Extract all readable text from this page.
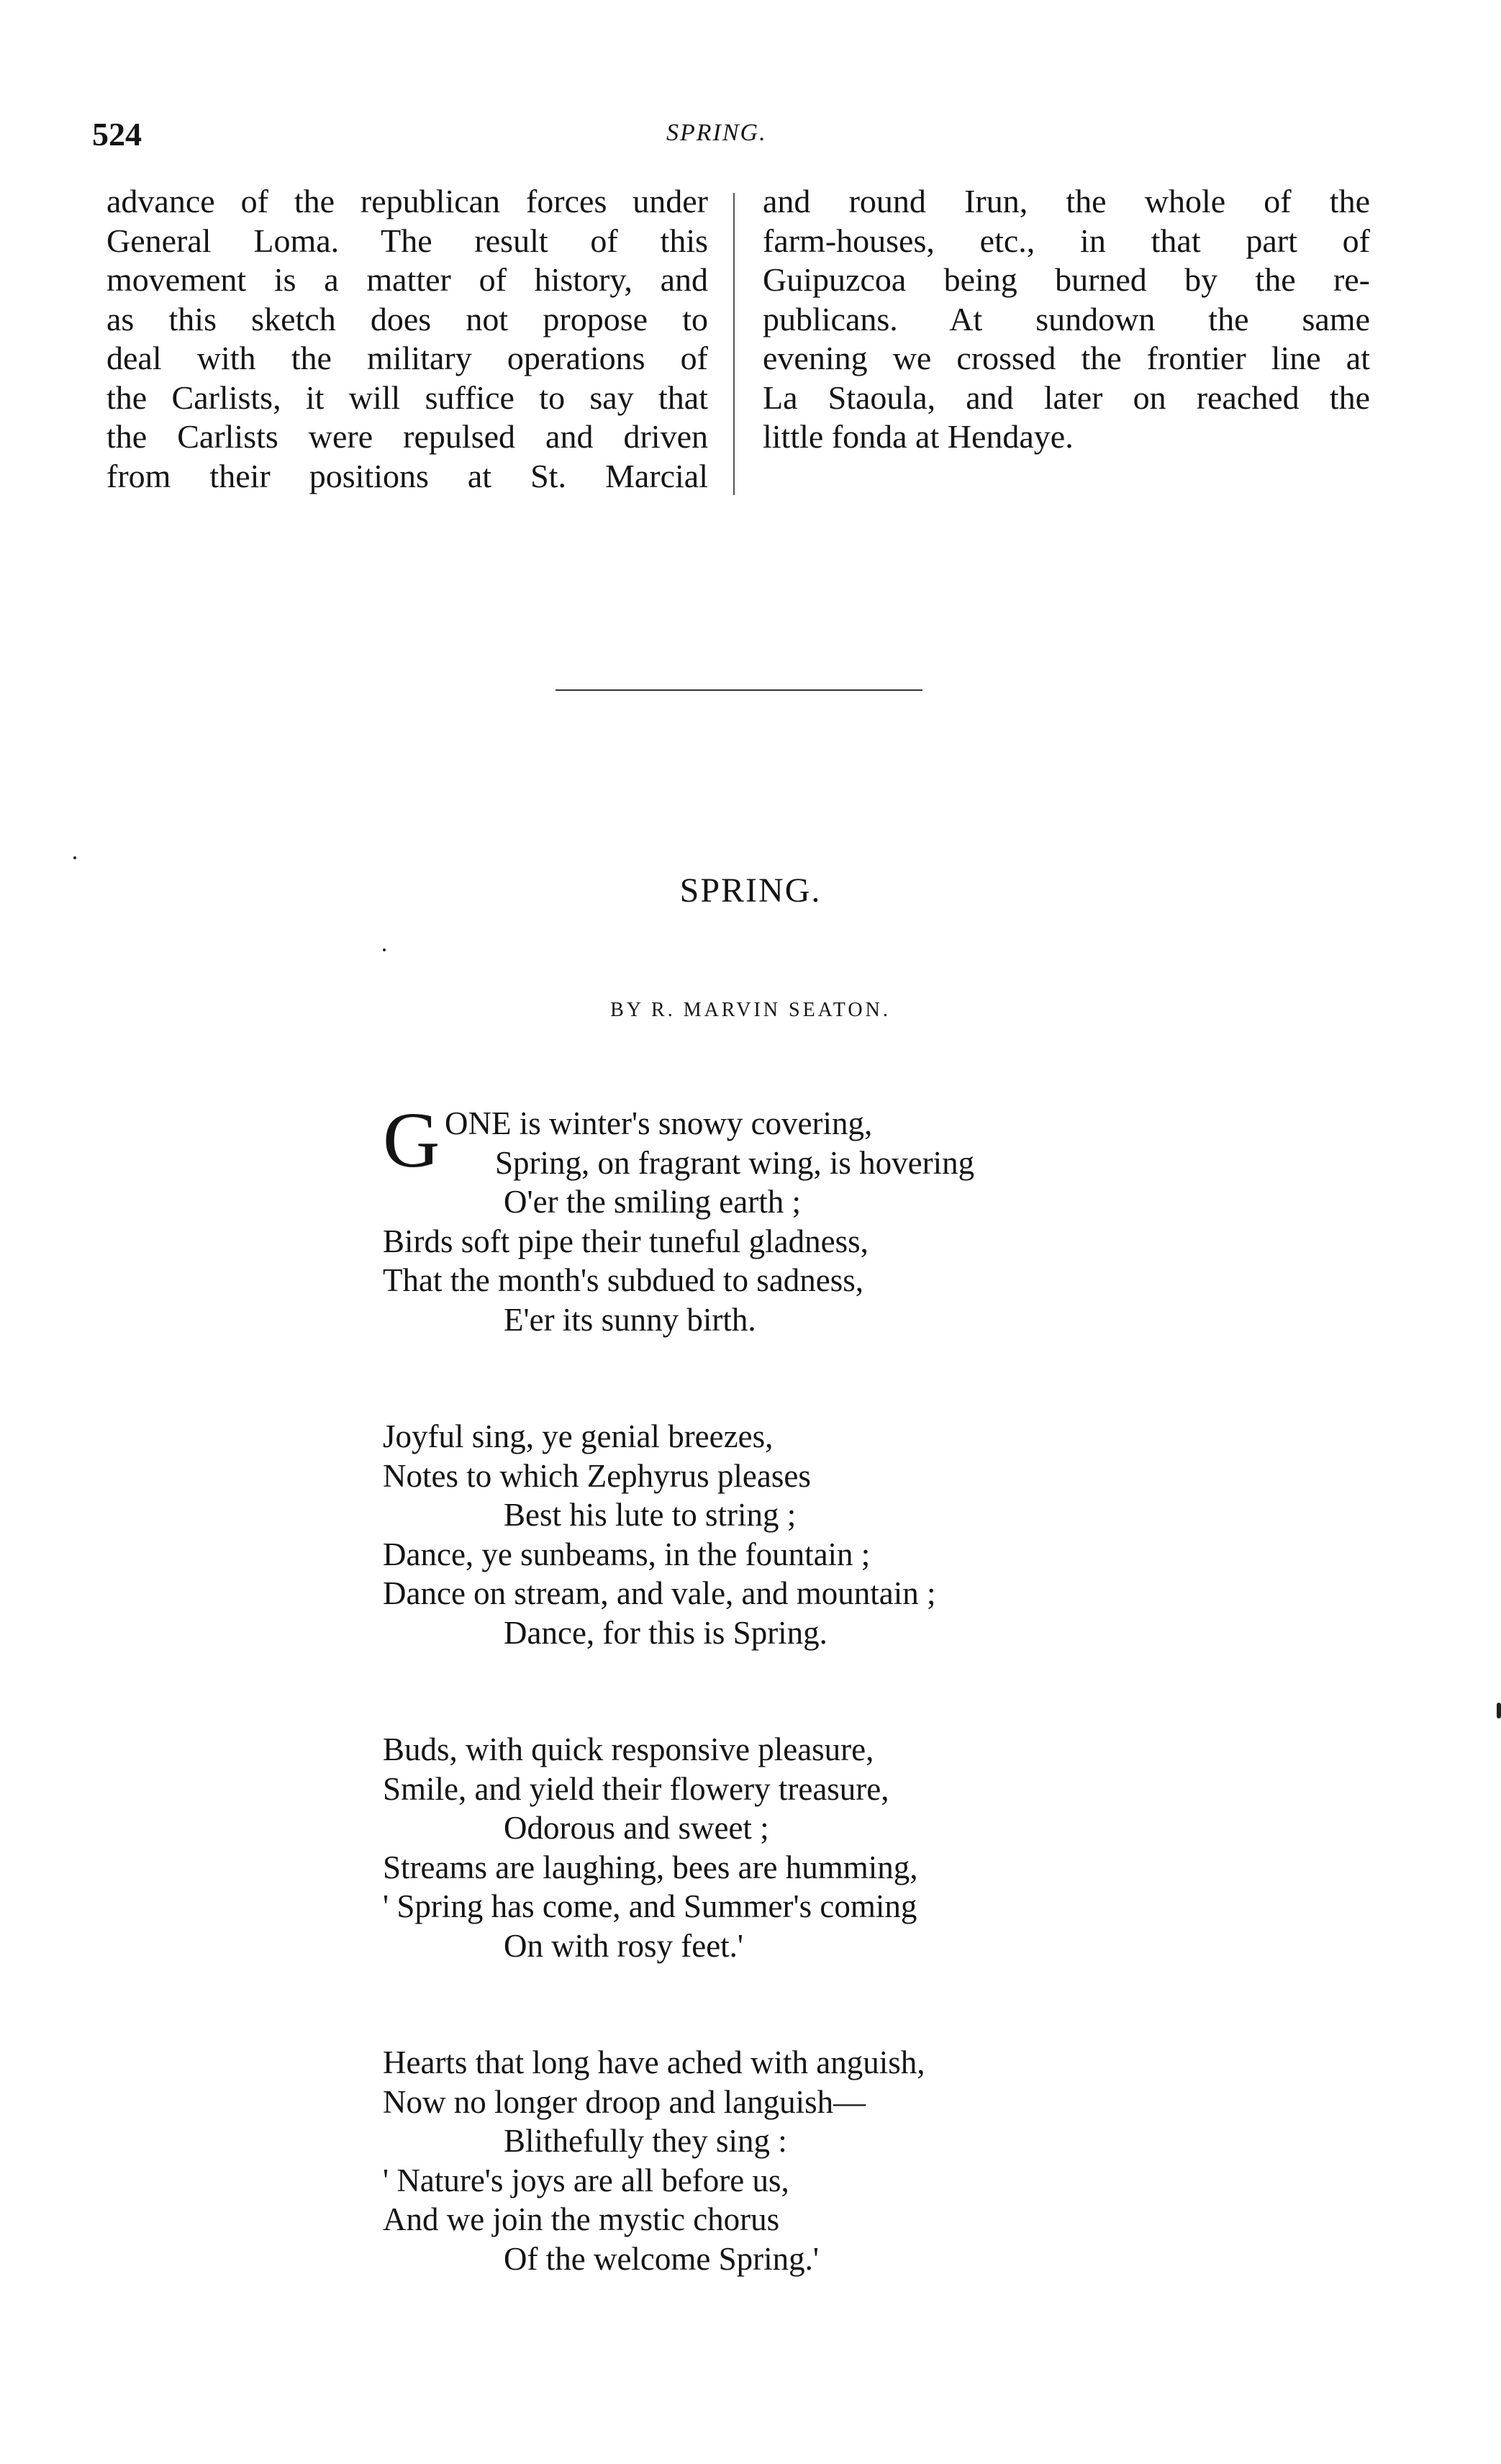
524	SPRING.
advance of the republican forces under
General Loma. The result of this
movement is a matter of history, and
as this sketch does not propose to
deal with the military operations of
the Carlists, it will suffice to say that
the Carlists were repulsed and driven
from their positions at St. Marcial
and round Irun, the whole of the
farm-houses, etc., in that part of
Guipuzcoa being burned by the re-
publicans. At sundown the same
evening we crossed the frontier line at
La Staoula, and later on reached the
little fonda at Hendaye.
SPRING.
BY R. MARVIN SEATON.
G ONE is winter's snowy covering,
Spring, on fragrant wing, is hovering
O'er the smiling earth ;
Birds soft pipe their tuneful gladness,
That the month's subdued to sadness,
E'er its sunny birth.
Joyful sing, ye genial breezes,
Notes to which Zephyrus pleases
Best his lute to string ;
Dance, ye sunbeams, in the fountain ;
Dance on stream, and vale, and mountain ;
Dance, for this is Spring.
Buds, with quick responsive pleasure,
Smile, and yield their flowery treasure,
Odorous and sweet ;
Streams are laughing, bees are humming,
' Spring has come, and Summer's coming
On with rosy feet.'
Hearts that long have ached with anguish,
Now no longer droop and languish—
Blithefully they sing :
' Nature's joys are all before us,
And we join the mystic chorus
Of the welcome Spring.'
